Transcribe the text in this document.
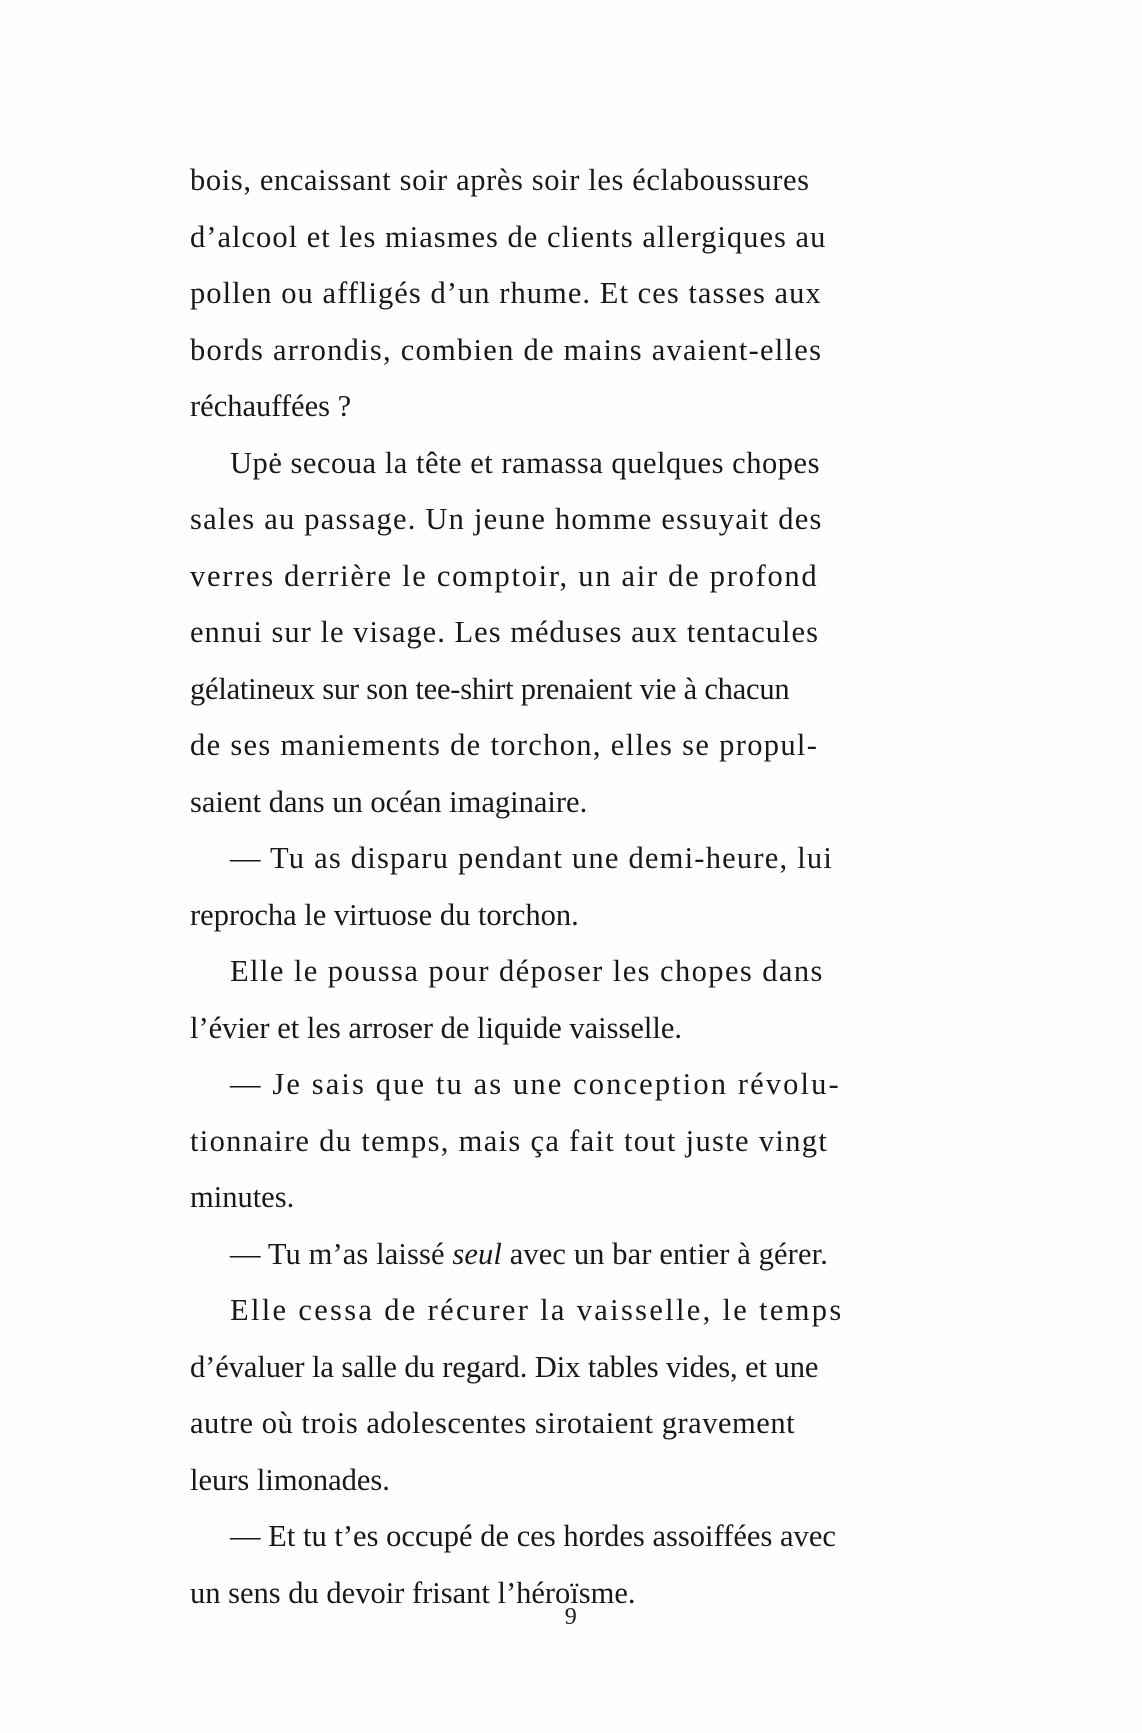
bois, encaissant soir après soir les éclaboussures
d’alcool et les miasmes de clients allergiques au
pollen ou affligés d’un rhume. Et ces tasses aux
bords arrondis, combien de mains avaient-elles
réchauffées ?
Upė secoua la tête et ramassa quelques chopes
sales au passage. Un jeune homme essuyait des
verres derrière le comptoir, un air de profond
ennui sur le visage. Les méduses aux tentacules
gélatineux sur son tee-shirt prenaient vie à chacun
de ses maniements de torchon, elles se propul-
saient dans un océan imaginaire.
— Tu as disparu pendant une demi-heure, lui
reprocha le virtuose du torchon.
Elle le poussa pour déposer les chopes dans
l’évier et les arroser de liquide vaisselle.
— Je sais que tu as une conception révolu-
tionnaire du temps, mais ça fait tout juste vingt
minutes.
— Tu m’as laissé seul avec un bar entier à gérer.
Elle cessa de récurer la vaisselle, le temps
d’évaluer la salle du regard. Dix tables vides, et une
autre où trois adolescentes sirotaient gravement
leurs limonades.
— Et tu t’es occupé de ces hordes assoiffées avec
un sens du devoir frisant l’héroïsme.
9
